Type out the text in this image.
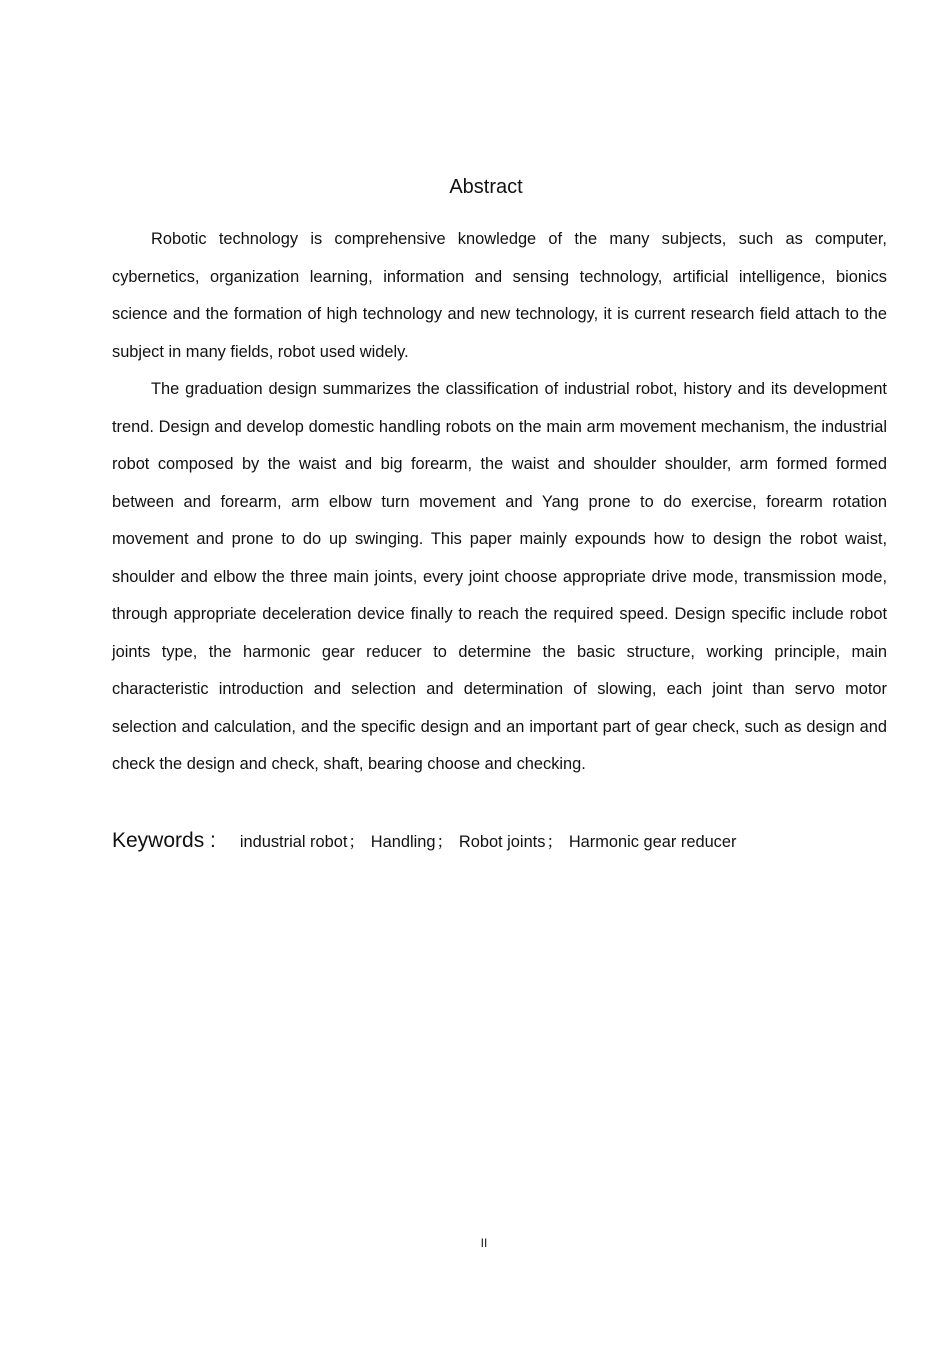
Abstract

Robotic technology is comprehensive knowledge of the many subjects, such as computer, cybernetics, organization learning, information and sensing technology, artificial intelligence, bionics science and the formation of high technology and new technology, it is current research field attach to the subject in many fields, robot used widely.

The graduation design summarizes the classification of industrial robot, history and its development trend. Design and develop domestic handling robots on the main arm movement mechanism, the industrial robot composed by the waist and big forearm, the waist and shoulder shoulder, arm formed formed between and forearm, arm elbow turn movement and Yang prone to do exercise, forearm rotation movement and prone to do up swinging. This paper mainly expounds how to design the robot waist, shoulder and elbow the three main joints, every joint choose appropriate drive mode, transmission mode, through appropriate deceleration device finally to reach the required speed. Design specific include robot joints type, the harmonic gear reducer to determine the basic structure, working principle, main characteristic introduction and selection and determination of slowing, each joint than servo motor selection and calculation, and the specific design and an important part of gear check, such as design and check the design and check, shaft, bearing choose and checking.

Keywords : industrial robot； Handling； Robot joints； Harmonic gear reducer
II
